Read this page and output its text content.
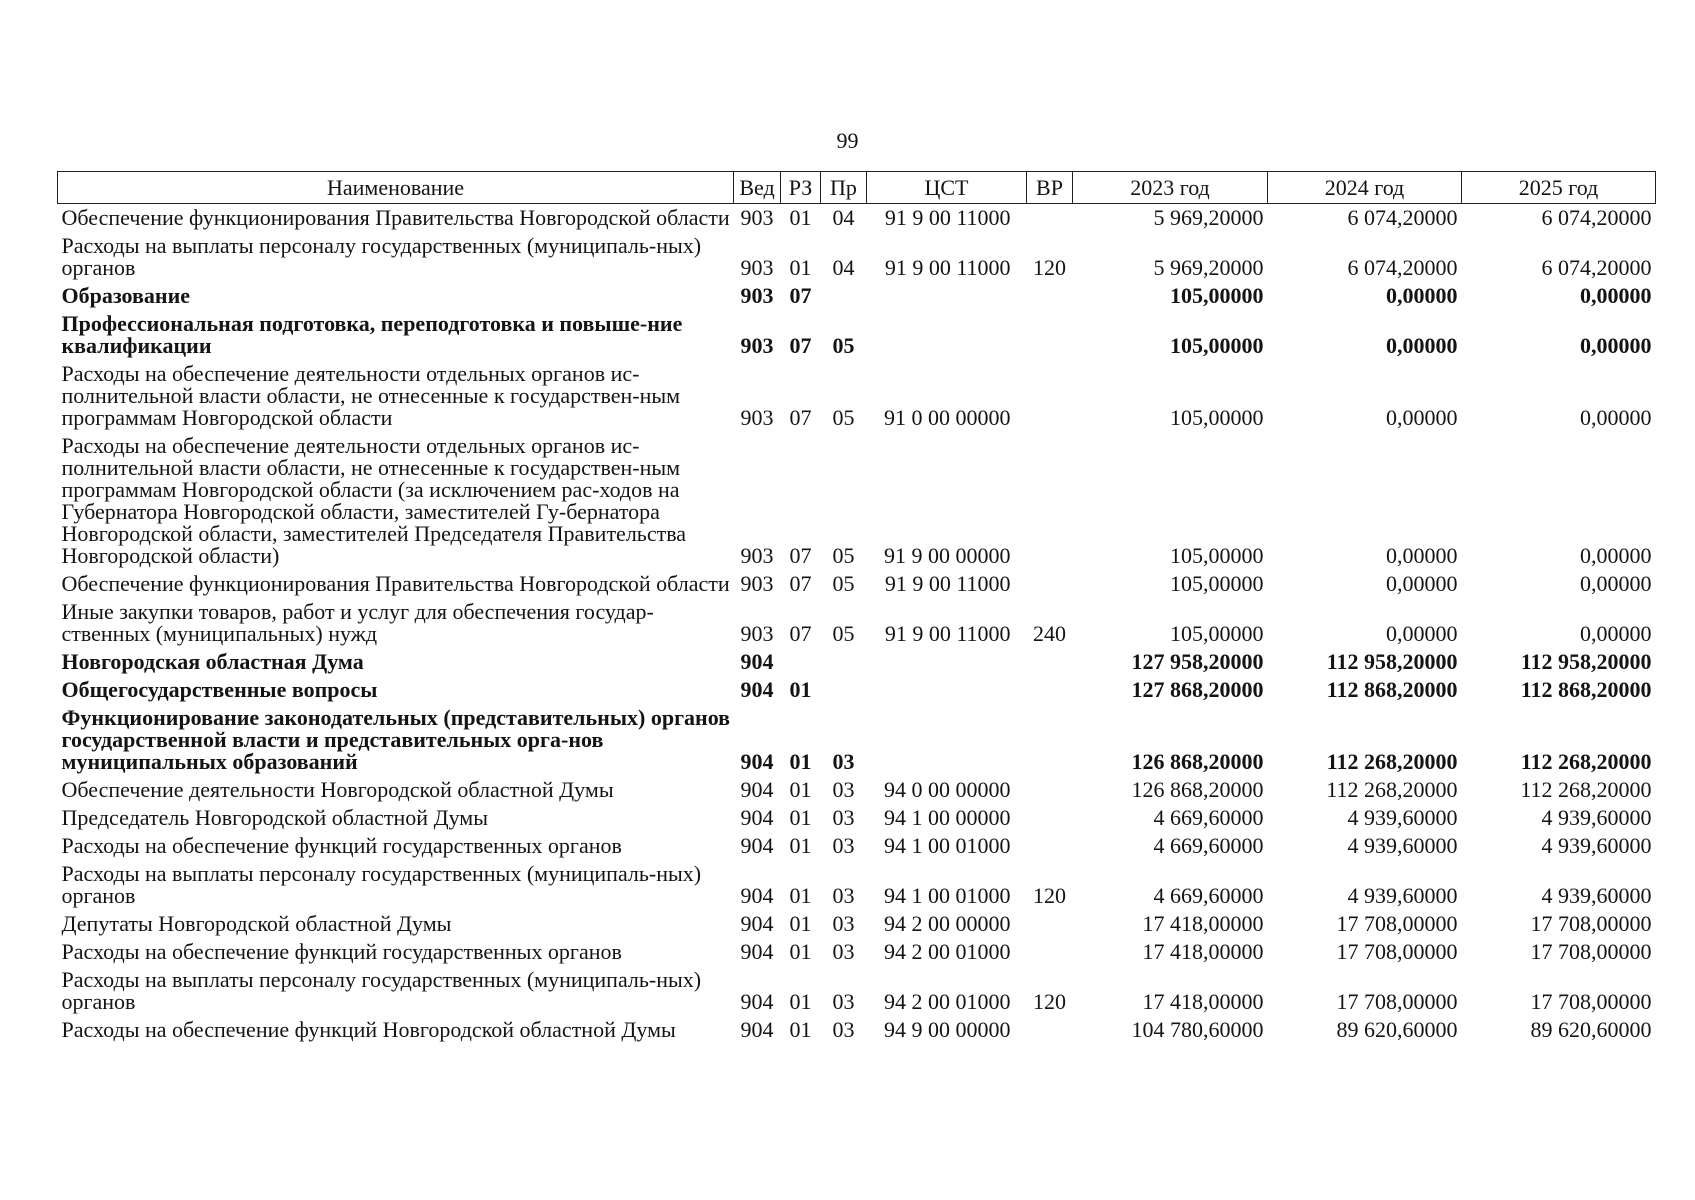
99
Наименование	Вед	РЗ	Пр	ЦСТ	ВР	2023 год	2024 год	2025 год
Обеспечение функционирования Правительства Новгородской области	903	01	04	91 9 00 11000		5 969,20000	6 074,20000	6 074,20000
Расходы на выплаты персоналу государственных (муниципаль-ных) органов	903	01	04	91 9 00 11000	120	5 969,20000	6 074,20000	6 074,20000
Образование	903	07				105,00000	0,00000	0,00000
Профессиональная подготовка, переподготовка и повыше-ние квалификации	903	07	05			105,00000	0,00000	0,00000
Расходы на обеспечение деятельности отдельных органов ис-полнительной власти области, не отнесенные к государствен-ным программам Новгородской области	903	07	05	91 0 00 00000		105,00000	0,00000	0,00000
Расходы на обеспечение деятельности отдельных органов ис-полнительной власти области, не отнесенные к государствен-ным программам Новгородской области (за исключением рас-ходов на Губернатора Новгородской области, заместителей Гу-бернатора Новгородской области, заместителей Председателя Правительства Новгородской области)	903	07	05	91 9 00 00000		105,00000	0,00000	0,00000
Обеспечение функционирования Правительства Новгородской области	903	07	05	91 9 00 11000		105,00000	0,00000	0,00000
Иные закупки товаров, работ и услуг для обеспечения государ-ственных (муниципальных) нужд	903	07	05	91 9 00 11000	240	105,00000	0,00000	0,00000
Новгородская областная Дума	904					127 958,20000	112 958,20000	112 958,20000
Общегосударственные вопросы	904	01				127 868,20000	112 868,20000	112 868,20000
Функционирование законодательных (представительных) органов государственной власти и представительных орга-нов муниципальных образований	904	01	03			126 868,20000	112 268,20000	112 268,20000
Обеспечение деятельности Новгородской областной Думы	904	01	03	94 0 00 00000		126 868,20000	112 268,20000	112 268,20000
Председатель Новгородской областной Думы	904	01	03	94 1 00 00000		4 669,60000	4 939,60000	4 939,60000
Расходы на обеспечение функций государственных органов	904	01	03	94 1 00 01000		4 669,60000	4 939,60000	4 939,60000
Расходы на выплаты персоналу государственных (муниципаль-ных) органов	904	01	03	94 1 00 01000	120	4 669,60000	4 939,60000	4 939,60000
Депутаты Новгородской областной Думы	904	01	03	94 2 00 00000		17 418,00000	17 708,00000	17 708,00000
Расходы на обеспечение функций государственных органов	904	01	03	94 2 00 01000		17 418,00000	17 708,00000	17 708,00000
Расходы на выплаты персоналу государственных (муниципаль-ных) органов	904	01	03	94 2 00 01000	120	17 418,00000	17 708,00000	17 708,00000
Расходы на обеспечение функций Новгородской областной Думы	904	01	03	94 9 00 00000		104 780,60000	89 620,60000	89 620,60000
